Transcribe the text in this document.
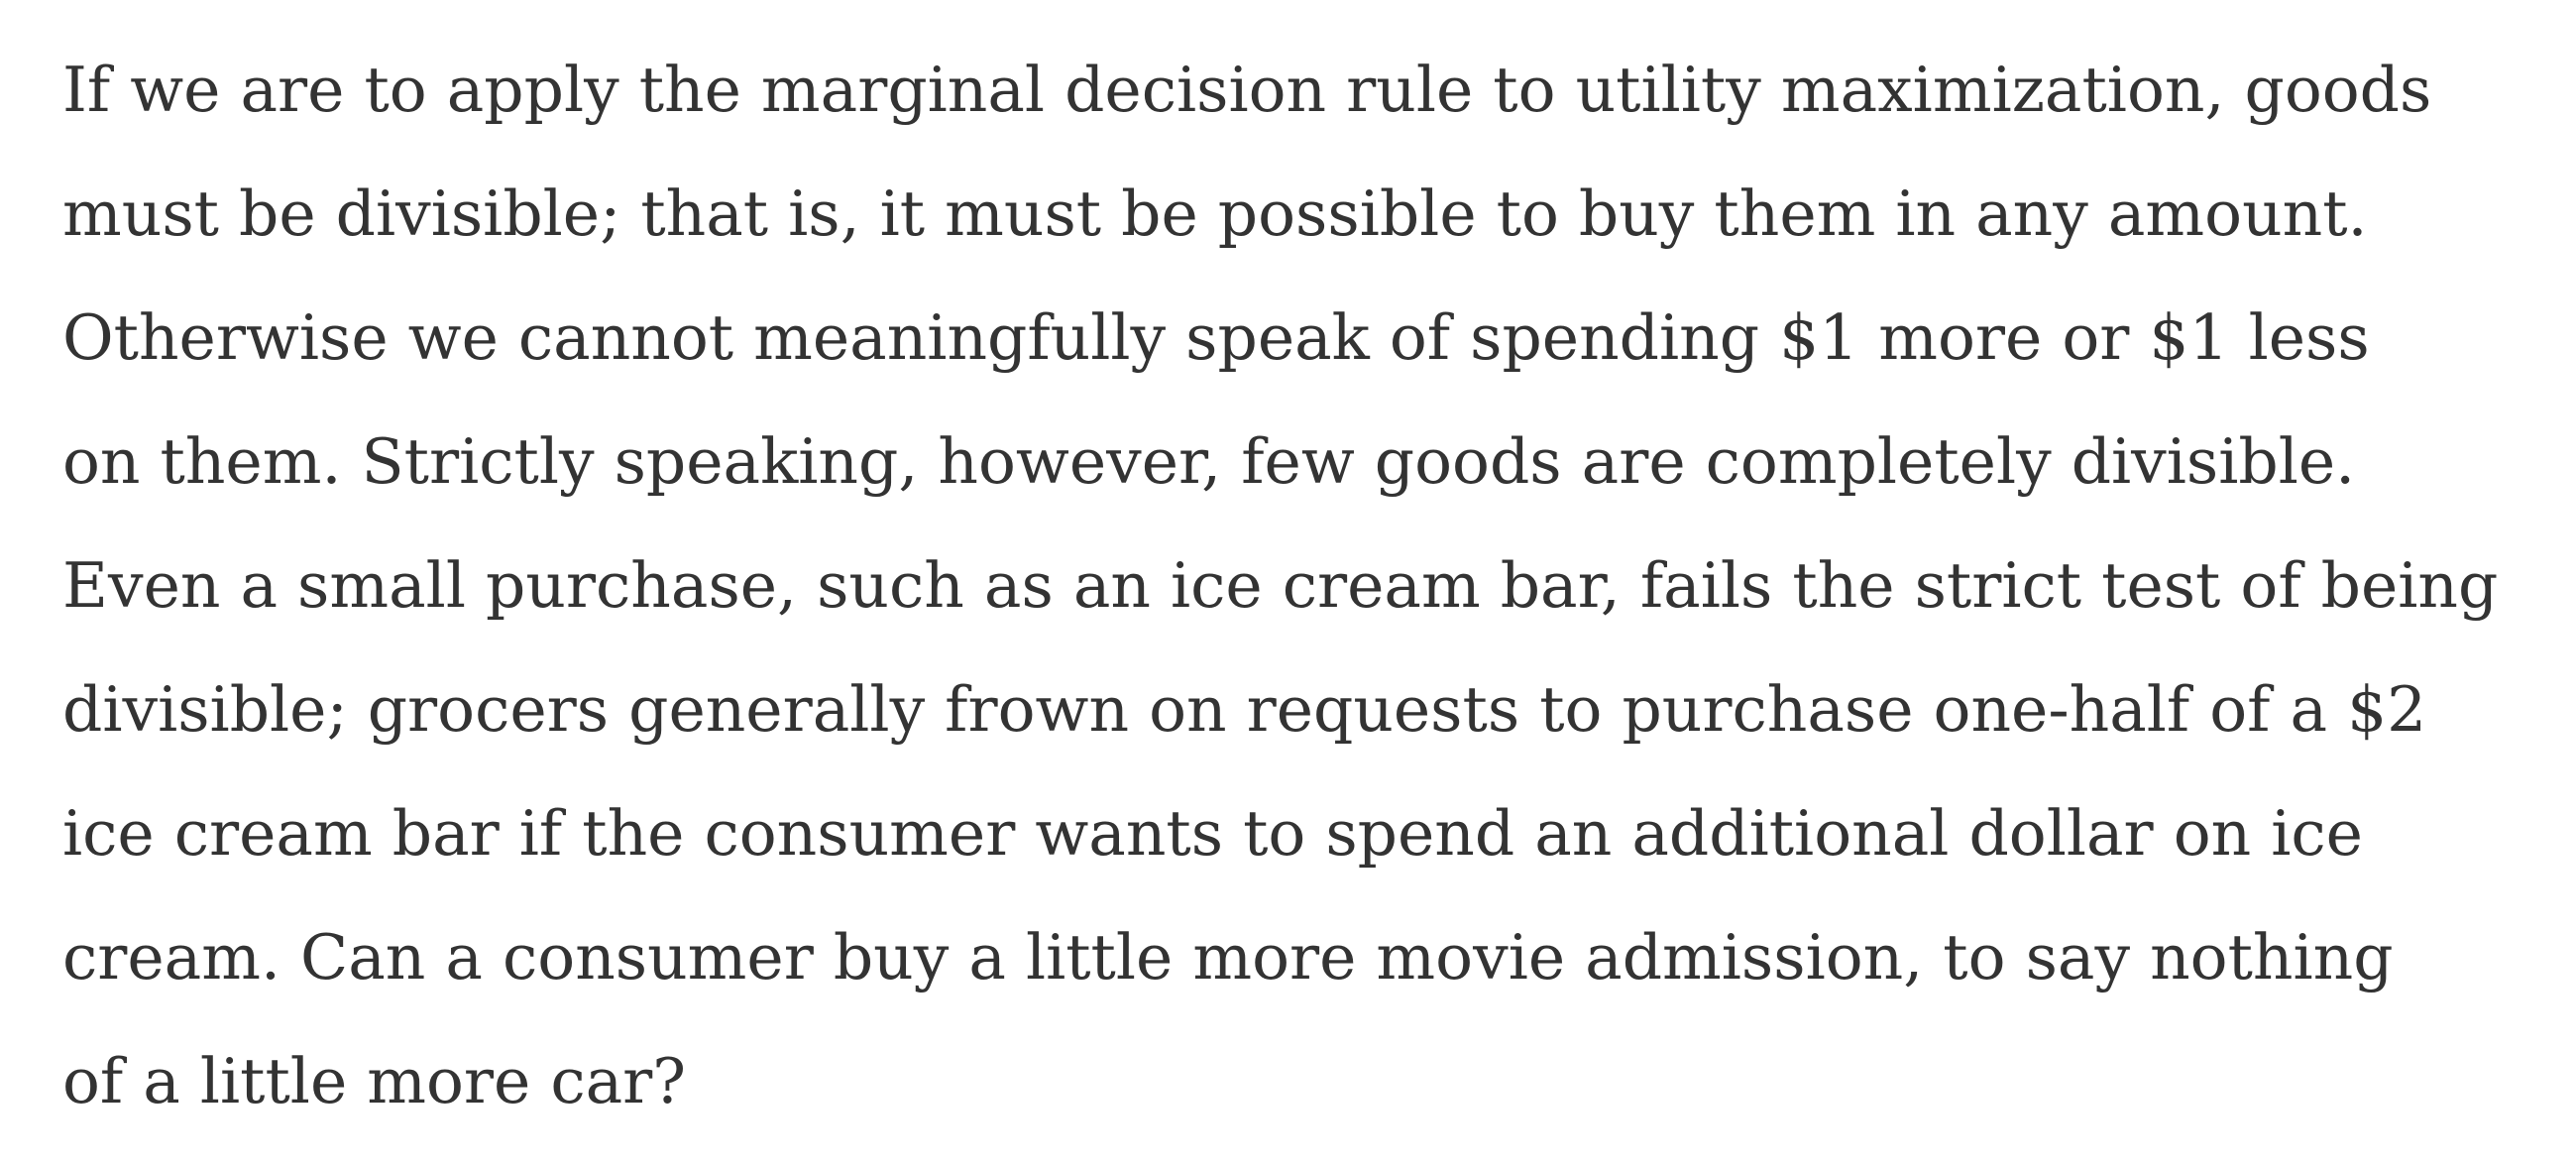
If we are to apply the marginal decision rule to utility maximization, goods
must be divisible; that is, it must be possible to buy them in any amount.
Otherwise we cannot meaningfully speak of spending $1 more or $1 less
on them. Strictly speaking, however, few goods are completely divisible.
Even a small purchase, such as an ice cream bar, fails the strict test of being
divisible; grocers generally frown on requests to purchase one-half of a $2
ice cream bar if the consumer wants to spend an additional dollar on ice
cream. Can a consumer buy a little more movie admission, to say nothing
of a little more car?
